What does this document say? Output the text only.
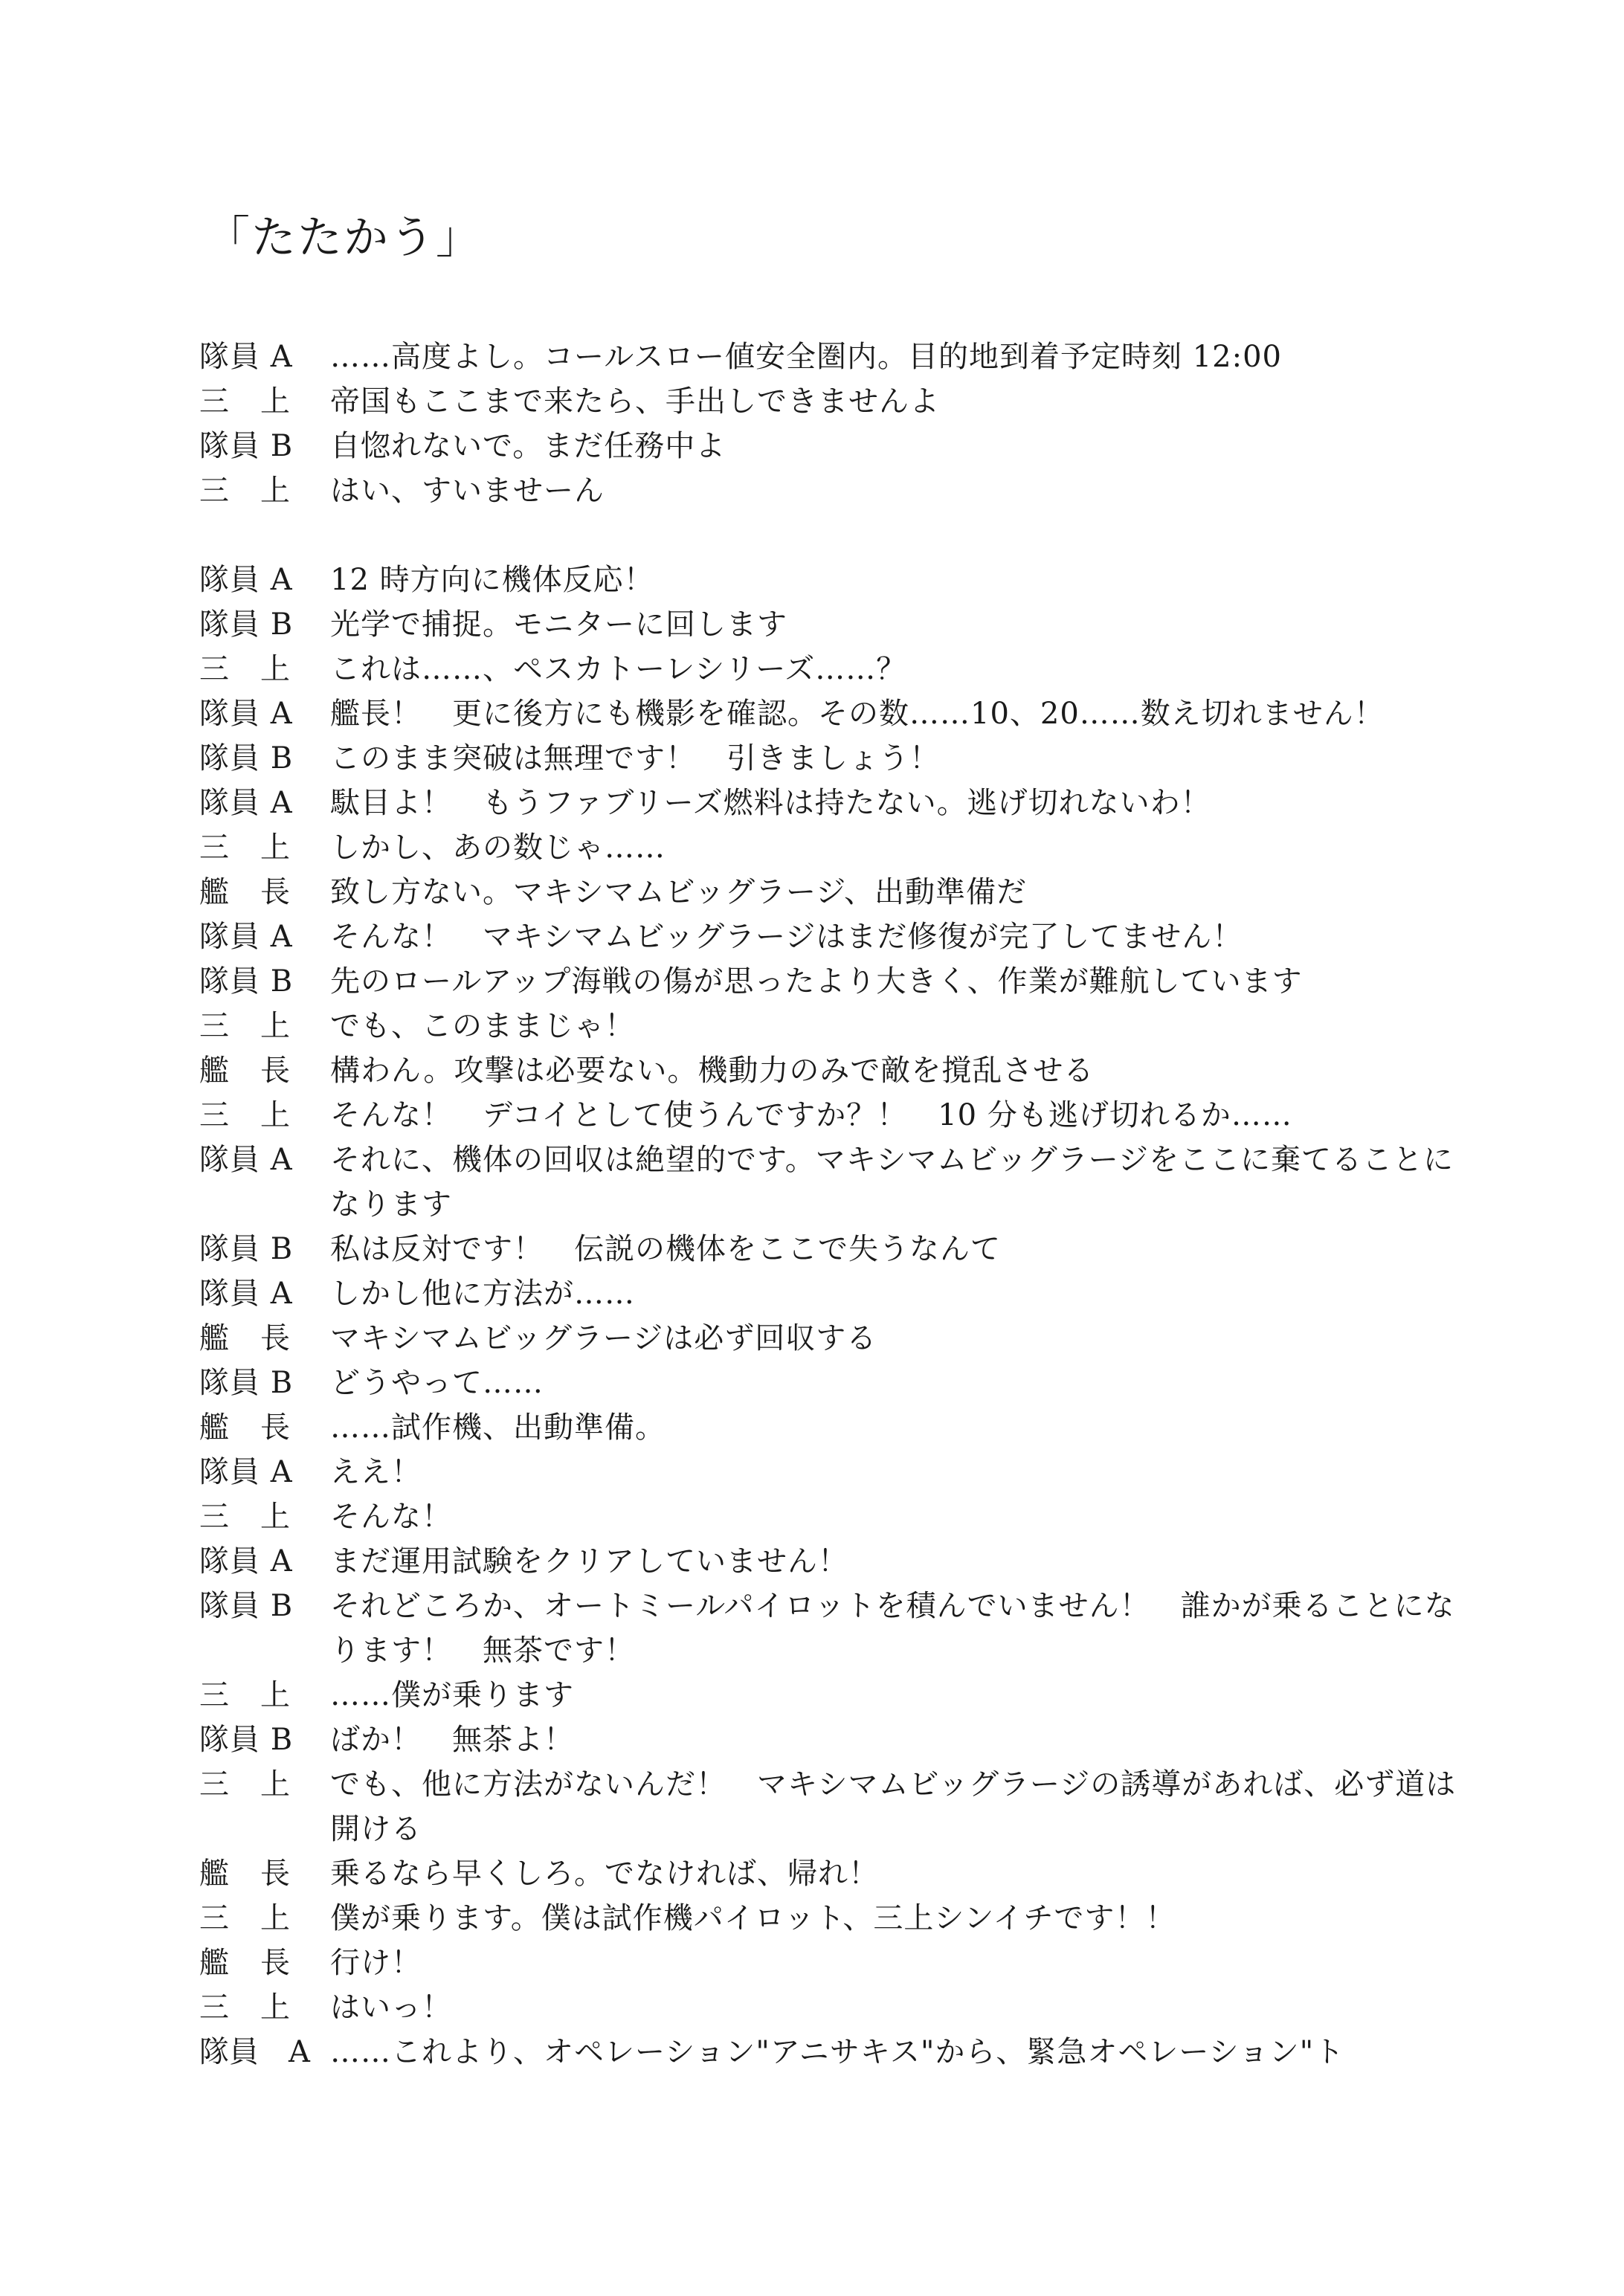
「たたかう」
隊員 A	……高度よし。コールスロー値安全圏内。目的地到着予定時刻 12:00
三　上	帝国もここまで来たら、手出しできませんよ
隊員 B	自惚れないで。まだ任務中よ
三　上	はい、すいませーん
隊員 A	12 時方向に機体反応！
隊員 B	光学で捕捉。モニターに回します
三　上	これは……、ペスカトーレシリーズ……？
隊員 A	艦長！　更に後方にも機影を確認。その数……10、20……数え切れません！
隊員 B	このまま突破は無理です！　引きましょう！
隊員 A	駄目よ！　もうファブリーズ燃料は持たない。逃げ切れないわ！
三　上	しかし、あの数じゃ……
艦　長	致し方ない。マキシマムビッグラージ、出動準備だ
隊員 A	そんな！　マキシマムビッグラージはまだ修復が完了してません！
隊員 B	先のロールアップ海戦の傷が思ったより大きく、作業が難航しています
三　上	でも、このままじゃ！
艦　長	構わん。攻撃は必要ない。機動力のみで敵を撹乱させる
三　上	そんな！　デコイとして使うんですか？！　10 分も逃げ切れるか……
隊員 A	それに、機体の回収は絶望的です。マキシマムビッグラージをここに棄てることになります
隊員 B	私は反対です！　伝説の機体をここで失うなんて
隊員 A	しかし他に方法が……
艦　長	マキシマムビッグラージは必ず回収する
隊員 B	どうやって……
艦　長	……試作機、出動準備。
隊員 A	ええ！
三　上	そんな！
隊員 A	まだ運用試験をクリアしていません！
隊員 B	それどころか、オートミールパイロットを積んでいません！　誰かが乗ることになります！　無茶です！
三　上	……僕が乗ります
隊員 B	ばか！　無茶よ！
三　上	でも、他に方法がないんだ！　マキシマムビッグラージの誘導があれば、必ず道は開ける
艦　長	乗るなら早くしろ。でなければ、帰れ！
三　上	僕が乗ります。僕は試作機パイロット、三上シンイチです！！
艦　長	行け！
三　上	はいっ！
隊員　A ……これより、オペレーション"アニサキス"から、緊急オペレーション"ト
